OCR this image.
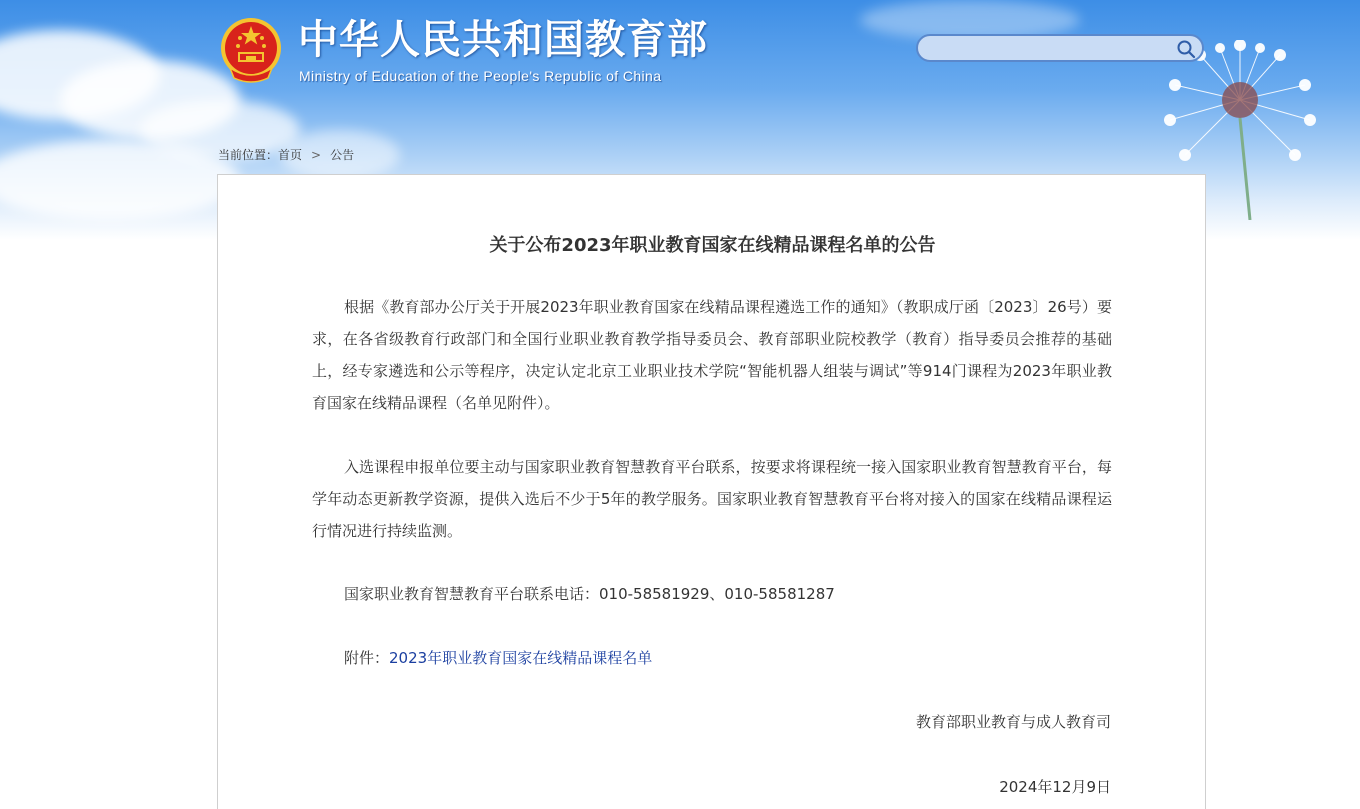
中华人民共和国教育部
Ministry of Education of the People's Republic of China
当前位置：首页 > 公告
关于公布2023年职业教育国家在线精品课程名单的公告
根据《教育部办公厅关于开展2023年职业教育国家在线精品课程遴选工作的通知》（教职成厅函〔2023〕26号）要求，在各省级教育行政部门和全国行业职业教育教学指导委员会、教育部职业院校教学（教育）指导委员会推荐的基础上，经专家遴选和公示等程序，决定认定北京工业职业技术学院“智能机器人组装与调试”等914门课程为2023年职业教育国家在线精品课程（名单见附件）。
入选课程申报单位要主动与国家职业教育智慧教育平台联系，按要求将课程统一接入国家职业教育智慧教育平台，每学年动态更新教学资源，提供入选后不少于5年的教学服务。国家职业教育智慧教育平台将对接入的国家在线精品课程运行情况进行持续监测。
国家职业教育智慧教育平台联系电话：010-58581929、010-58581287
附件：2023年职业教育国家在线精品课程名单
教育部职业教育与成人教育司
2024年12月9日
